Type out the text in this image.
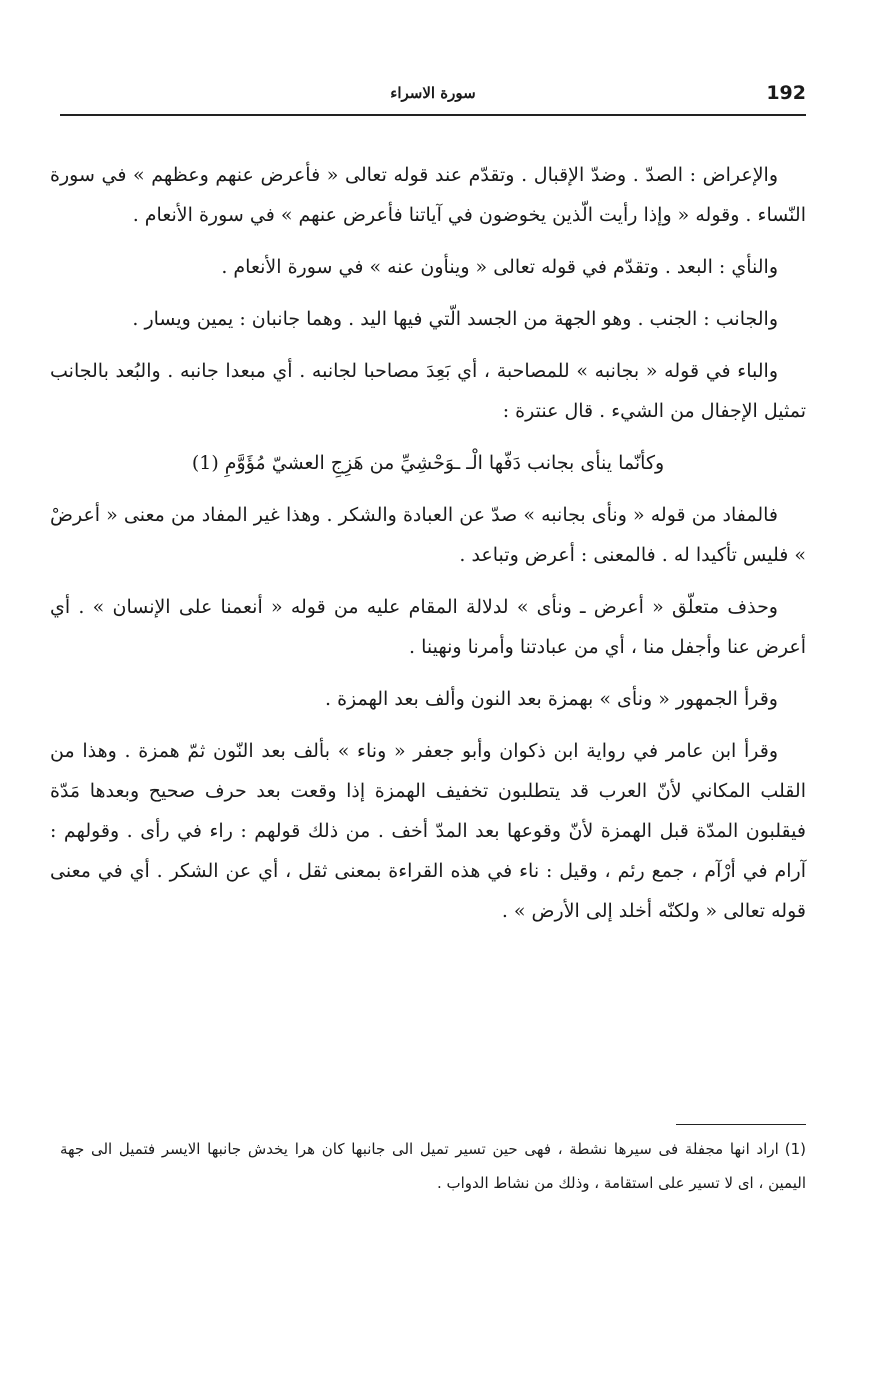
192
سورة الاسراء

والإعراض : الصدّ . وضدّ الإقبال . وتقدّم عند قوله تعالى « فأعرض عنهم وعظهم » في سورة النّساء . وقوله « وإذا رأيت الّذين يخوضون في آياتنا فأعرض عنهم » في سورة الأنعام .

والنأي : البعد . وتقدّم في قوله تعالى « وينأون عنه » في سورة الأنعام .

والجانب : الجنب . وهو الجهة من الجسد الّتي فيها اليد . وهما جانبان : يمين ويسار .

والباء في قوله « بجانبه » للمصاحبة ، أي بَعِدَ مصاحبا لجانبه . أي مبعدا جانبه . والبُعد بالجانب تمثيل الإجفال من الشيء . قال عنترة :

وكأنّما ينأى بجانب دَفّها الْـ ـوَحْشِيِّ من هَزِجِ العشيّ مُؤَوَّمِ (1)

فالمفاد من قوله « ونأى بجانبه » صدّ عن العبادة والشكر . وهذا غير المفاد من معنى « أعرضْ » فليس تأكيدا له . فالمعنى : أعرض وتباعد .

وحذف متعلّق « أعرض ـ ونأى » لدلالة المقام عليه من قوله « أنعمنا على الإنسان » . أي أعرض عنا وأجفل منا ، أي من عبادتنا وأمرنا ونهينا .

وقرأ الجمهور « ونأى » بهمزة بعد النون وألف بعد الهمزة .

وقرأ ابن عامر في رواية ابن ذكوان وأبو جعفر « وناء » بألف بعد النّون ثمّ همزة . وهذا من القلب المكاني لأنّ العرب قد يتطلبون تخفيف الهمزة إذا وقعت بعد حرف صحيح وبعدها مَدّة فيقلبون المدّة قبل الهمزة لأنّ وقوعها بعد المدّ أخف . من ذلك قولهم : راء في رأى . وقولهم : آرام في أرْآم ، جمع رئم ، وقيل : ناء في هذه القراءة بمعنى ثقل ، أي عن الشكر . أي في معنى قوله تعالى « ولكنّه أخلد إلى الأرض » .

(1)اراد انها مجفلة فى سيرها نشطة ، فهى حين تسير تميل الى جانبها كان هرا يخدش جانبها الايسر فتميل الى جهة اليمين ، اى لا تسير على استقامة ، وذلك من نشاط الدواب .
